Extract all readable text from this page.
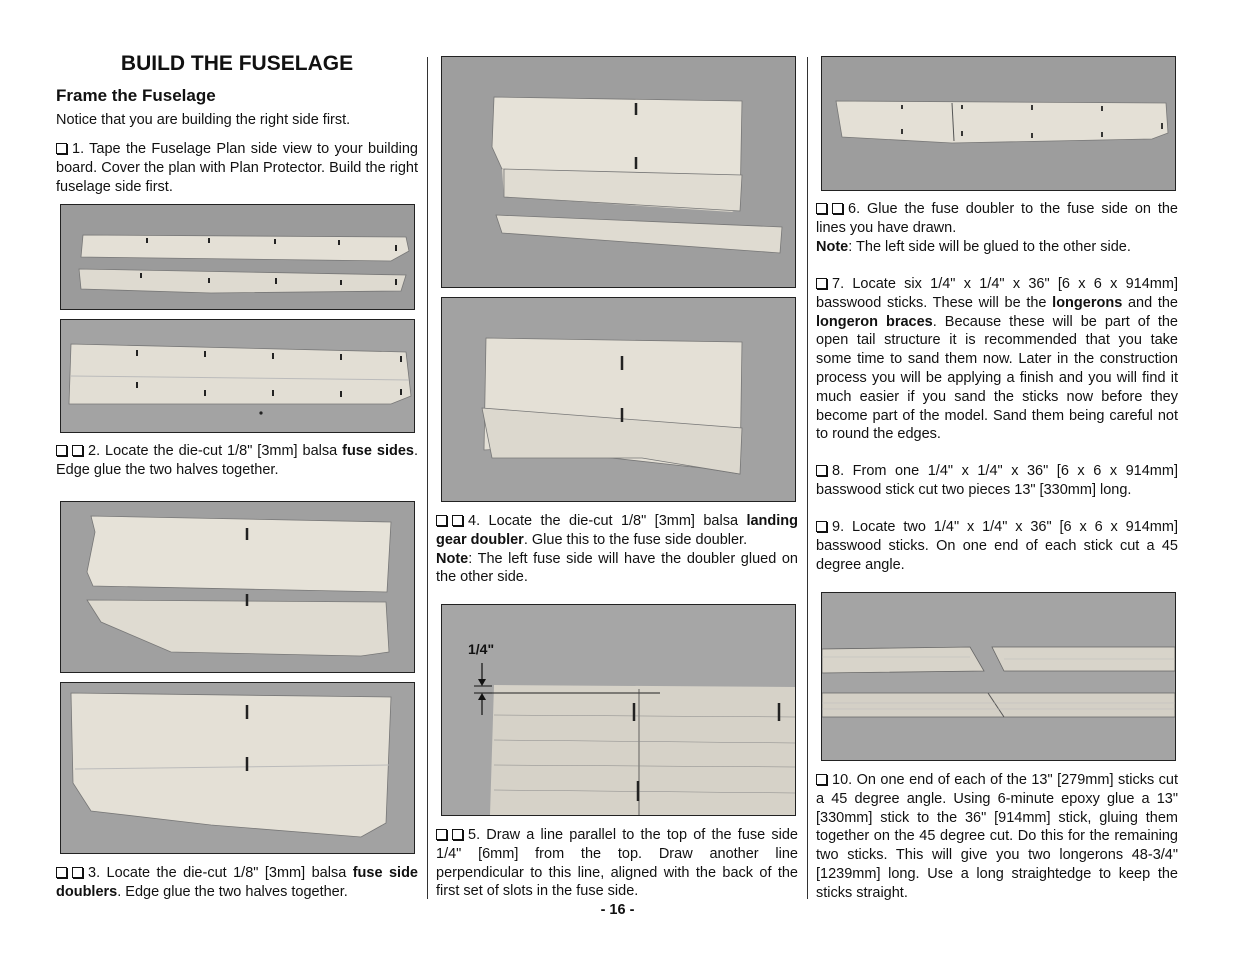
BUILD THE FUSELAGE
Frame the Fuselage

Notice that you are building the right side first.

1. Tape the Fuselage Plan side view to your building board. Cover the plan with Plan Protector. Build the right fuselage side first.

2. Locate the die-cut 1/8" [3mm] balsa fuse sides. Edge glue the two halves together.

3. Locate the die-cut 1/8" [3mm] balsa fuse side doublers. Edge glue the two halves together.

4. Locate the die-cut 1/8" [3mm] balsa landing gear doubler. Glue this to the fuse side doubler.
Note: The left fuse side will have the doubler glued on the other side.

1/4"

5. Draw a line parallel to the top of the fuse side 1/4" [6mm] from the top. Draw another line perpendicular to this line, aligned with the back of the first set of slots in the fuse side.

6. Glue the fuse doubler to the fuse side on the lines you have drawn.
Note: The left side will be glued to the other side.

7. Locate six 1/4" x 1/4" x 36" [6 x 6 x 914mm] basswood sticks. These will be the longerons and the longeron braces. Because these will be part of the open tail structure it is recommended that you take some time to sand them now. Later in the construction process you will be applying a finish and you will find it much easier if you sand the sticks now before they become part of the model. Sand them being careful not to round the edges.

8. From one 1/4" x 1/4" x 36" [6 x 6 x 914mm] basswood stick cut two pieces 13" [330mm] long.

9. Locate two 1/4" x 1/4" x 36" [6 x 6 x 914mm] basswood sticks. On one end of each stick cut a 45 degree angle.

10. On one end of each of the 13" [279mm] sticks cut a 45 degree angle. Using 6-minute epoxy glue a 13" [330mm] stick to the 36" [914mm] stick, gluing them together on the 45 degree cut. Do this for the remaining two sticks. This will give you two longerons 48-3/4" [1239mm] long. Use a long straightedge to keep the sticks straight.

- 16 -
